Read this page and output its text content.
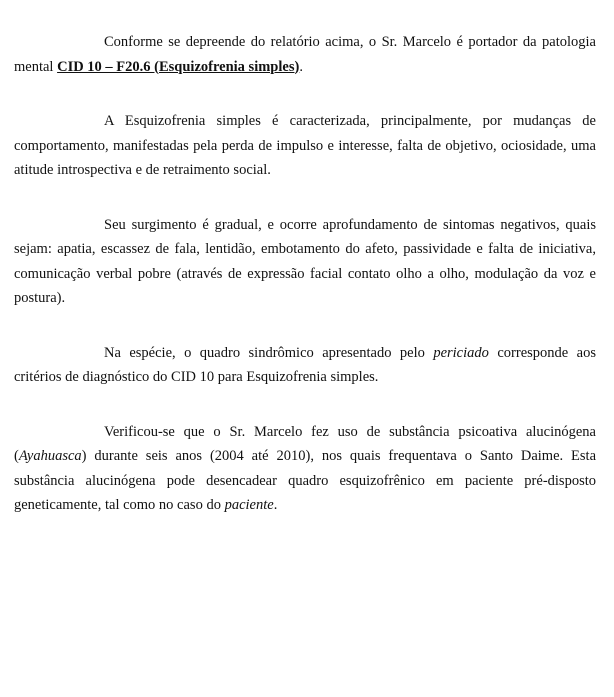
Conforme se depreende do relatório acima, o Sr. Marcelo é portador da patologia mental CID 10 – F20.6 (Esquizofrenia simples).

A Esquizofrenia simples é caracterizada, principalmente, por mudanças de comportamento, manifestadas pela perda de impulso e interesse, falta de objetivo, ociosidade, uma atitude introspectiva e de retraimento social.

Seu surgimento é gradual, e ocorre aprofundamento de sintomas negativos, quais sejam: apatia, escassez de fala, lentidão, embotamento do afeto, passividade e falta de iniciativa, comunicação verbal pobre (através de expressão facial contato olho a olho, modulação da voz e postura).

Na espécie, o quadro sindrômico apresentado pelo periciado corresponde aos critérios de diagnóstico do CID 10 para Esquizofrenia simples.

Verificou-se que o Sr. Marcelo fez uso de substância psicoativa alucinógena (Ayahuasca) durante seis anos (2004 até 2010), nos quais frequentava o Santo Daime. Esta substância alucinógena pode desencadear quadro esquizofrênico em paciente pré-disposto geneticamente, tal como no caso do paciente.
